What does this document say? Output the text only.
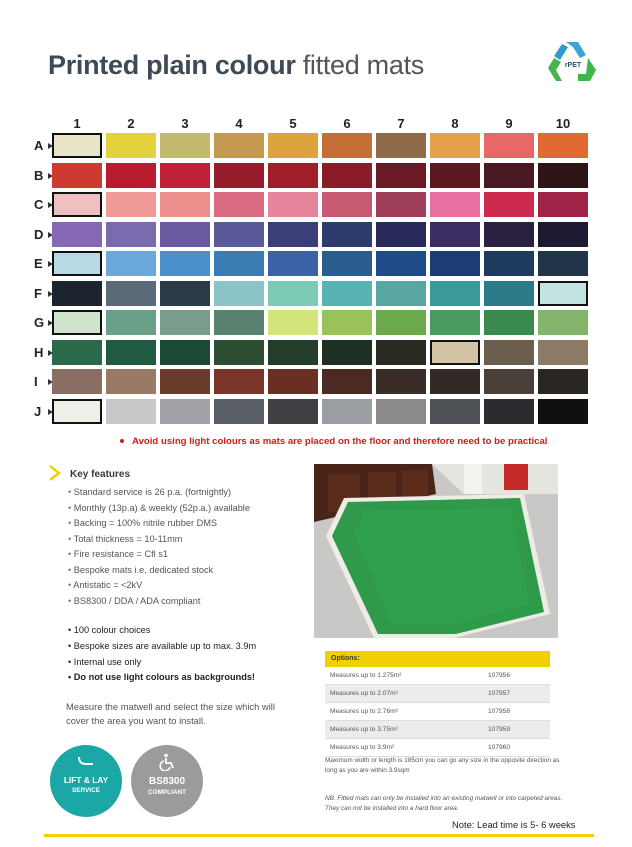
Printed plain colour fitted mats	rPET
1	2	3	4	5	6	7	8	9	10
A
B
C
D
E
F
G
H
I
J
Avoid using light colours as mats are placed on the floor and therefore need to be practical
Key features
• Standard service is 26 p.a. (fortnightly)
• Monthly (13p.a) & weekly (52p.a.) available
• Backing = 100% nitrile rubber DMS
• Total thickness = 10-11mm
• Fire resistance = Cfl s1
• Bespoke mats i.e. dedicated stock
• Antistatic = <2kV
• BS8300 / DDA / ADA compliant
• 100 colour choices
• Bespoke sizes are available up to max. 3.9m
• Internal use only
• Do not use light colours as backgrounds!
Measure the matwell and select the size which will cover the area you want to install.
LIFT & LAY
SERVICE
BS8300
COMPLIANT
Options:
Measures up to 1.275m²	107956
Measures up to 2.07m²	107957
Measures up to 2.76m²	107958
Measures up to 3.75m²	107959
Measures up to 3.9m²	107960
Maximum width or length is 185cm you can go any size in the opposite direction as long as you are within 3.9sqm
NB. Fitted mats can only be installed into an existing matwell or into carpeted areas. They can not be installed into a hard floor area.
Note: Lead time is 5- 6 weeks
